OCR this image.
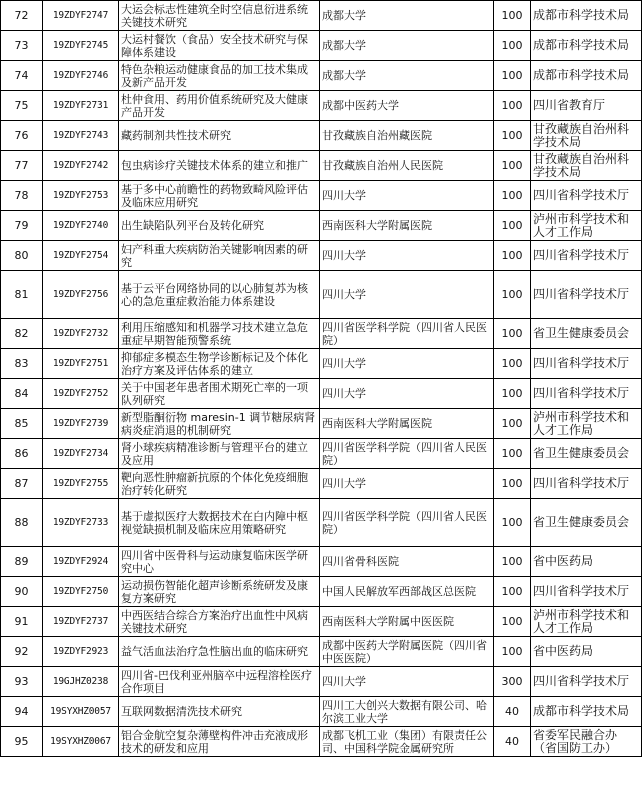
72	19ZDYF2747	大运会标志性建筑全时空信息衍进系统关键技术研究	成都大学	100	成都市科学技术局
73	19ZDYF2745	大运村餐饮（食品）安全技术研究与保障体系建设	成都大学	100	成都市科学技术局
74	19ZDYF2746	特色杂粮运动健康食品的加工技术集成及新产品开发	成都大学	100	成都市科学技术局
75	19ZDYF2731	杜仲食用、药用价值系统研究及大健康产品开发	成都中医药大学	100	四川省教育厅
76	19ZDYF2743	藏药制剂共性技术研究	甘孜藏族自治州藏医院	100	甘孜藏族自治州科学技术局
77	19ZDYF2742	包虫病诊疗关键技术体系的建立和推广	甘孜藏族自治州人民医院	100	甘孜藏族自治州科学技术局
78	19ZDYF2753	基于多中心前瞻性的药物致畸风险评估及临床应用研究	四川大学	100	四川省科学技术厅
79	19ZDYF2740	出生缺陷队列平台及转化研究	西南医科大学附属医院	100	泸州市科学技术和人才工作局
80	19ZDYF2754	妇产科重大疾病防治关键影响因素的研究	四川大学	100	四川省科学技术厅
81	19ZDYF2756	基于云平台网络协同的以心肺复苏为核心的急危重症救治能力体系建设	四川大学	100	四川省科学技术厅
82	19ZDYF2732	利用压缩感知和机器学习技术建立急危重症早期智能预警系统	四川省医学科学院（四川省人民医院）	100	省卫生健康委员会
83	19ZDYF2751	抑郁症多模态生物学诊断标记及个体化治疗方案及评估体系的建立	四川大学	100	四川省科学技术厅
84	19ZDYF2752	关于中国老年患者围术期死亡率的一项队列研究	四川大学	100	四川省科学技术厅
85	19ZDYF2739	新型脂酮衍物 maresin-1 调节糖尿病肾病炎症消退的机制研究	西南医科大学附属医院	100	泸州市科学技术和人才工作局
86	19ZDYF2734	肾小球疾病精准诊断与管理平台的建立及应用	四川省医学科学院（四川省人民医院）	100	省卫生健康委员会
87	19ZDYF2755	靶向恶性肿瘤新抗原的个体化免疫细胞治疗转化研究	四川大学	100	四川省科学技术厅
88	19ZDYF2733	基于虚拟医疗大数据技术在白内障中枢视觉缺损机制及临床应用策略研究	四川省医学科学院（四川省人民医院）	100	省卫生健康委员会
89	19ZDYF2924	四川省中医骨科与运动康复临床医学研究中心	四川省骨科医院	100	省中医药局
90	19ZDYF2750	运动损伤智能化超声诊断系统研发及康复方案研究	中国人民解放军西部战区总医院	100	四川省科学技术厅
91	19ZDYF2737	中西医结合综合方案治疗出血性中风病关键技术研究	西南医科大学附属中医医院	100	泸州市科学技术和人才工作局
92	19ZDYF2923	益气活血法治疗急性脑出血的临床研究	成都中医药大学附属医院（四川省中医医院）	100	省中医药局
93	19GJHZ0238	四川省-巴伐利亚州脑卒中远程溶栓医疗合作项目	四川大学	300	四川省科学技术厅
94	19SYXHZ0057	互联网数据清洗技术研究	四川工大创兴大数据有限公司、哈尔滨工业大学	40	成都市科学技术局
95	19SYXHZ0067	铝合金航空复杂薄壁构件冲击充液成形技术的研发和应用	成都飞机工业（集团）有限责任公司、中国科学院金属研究所	40	省委军民融合办（省国防工办）
